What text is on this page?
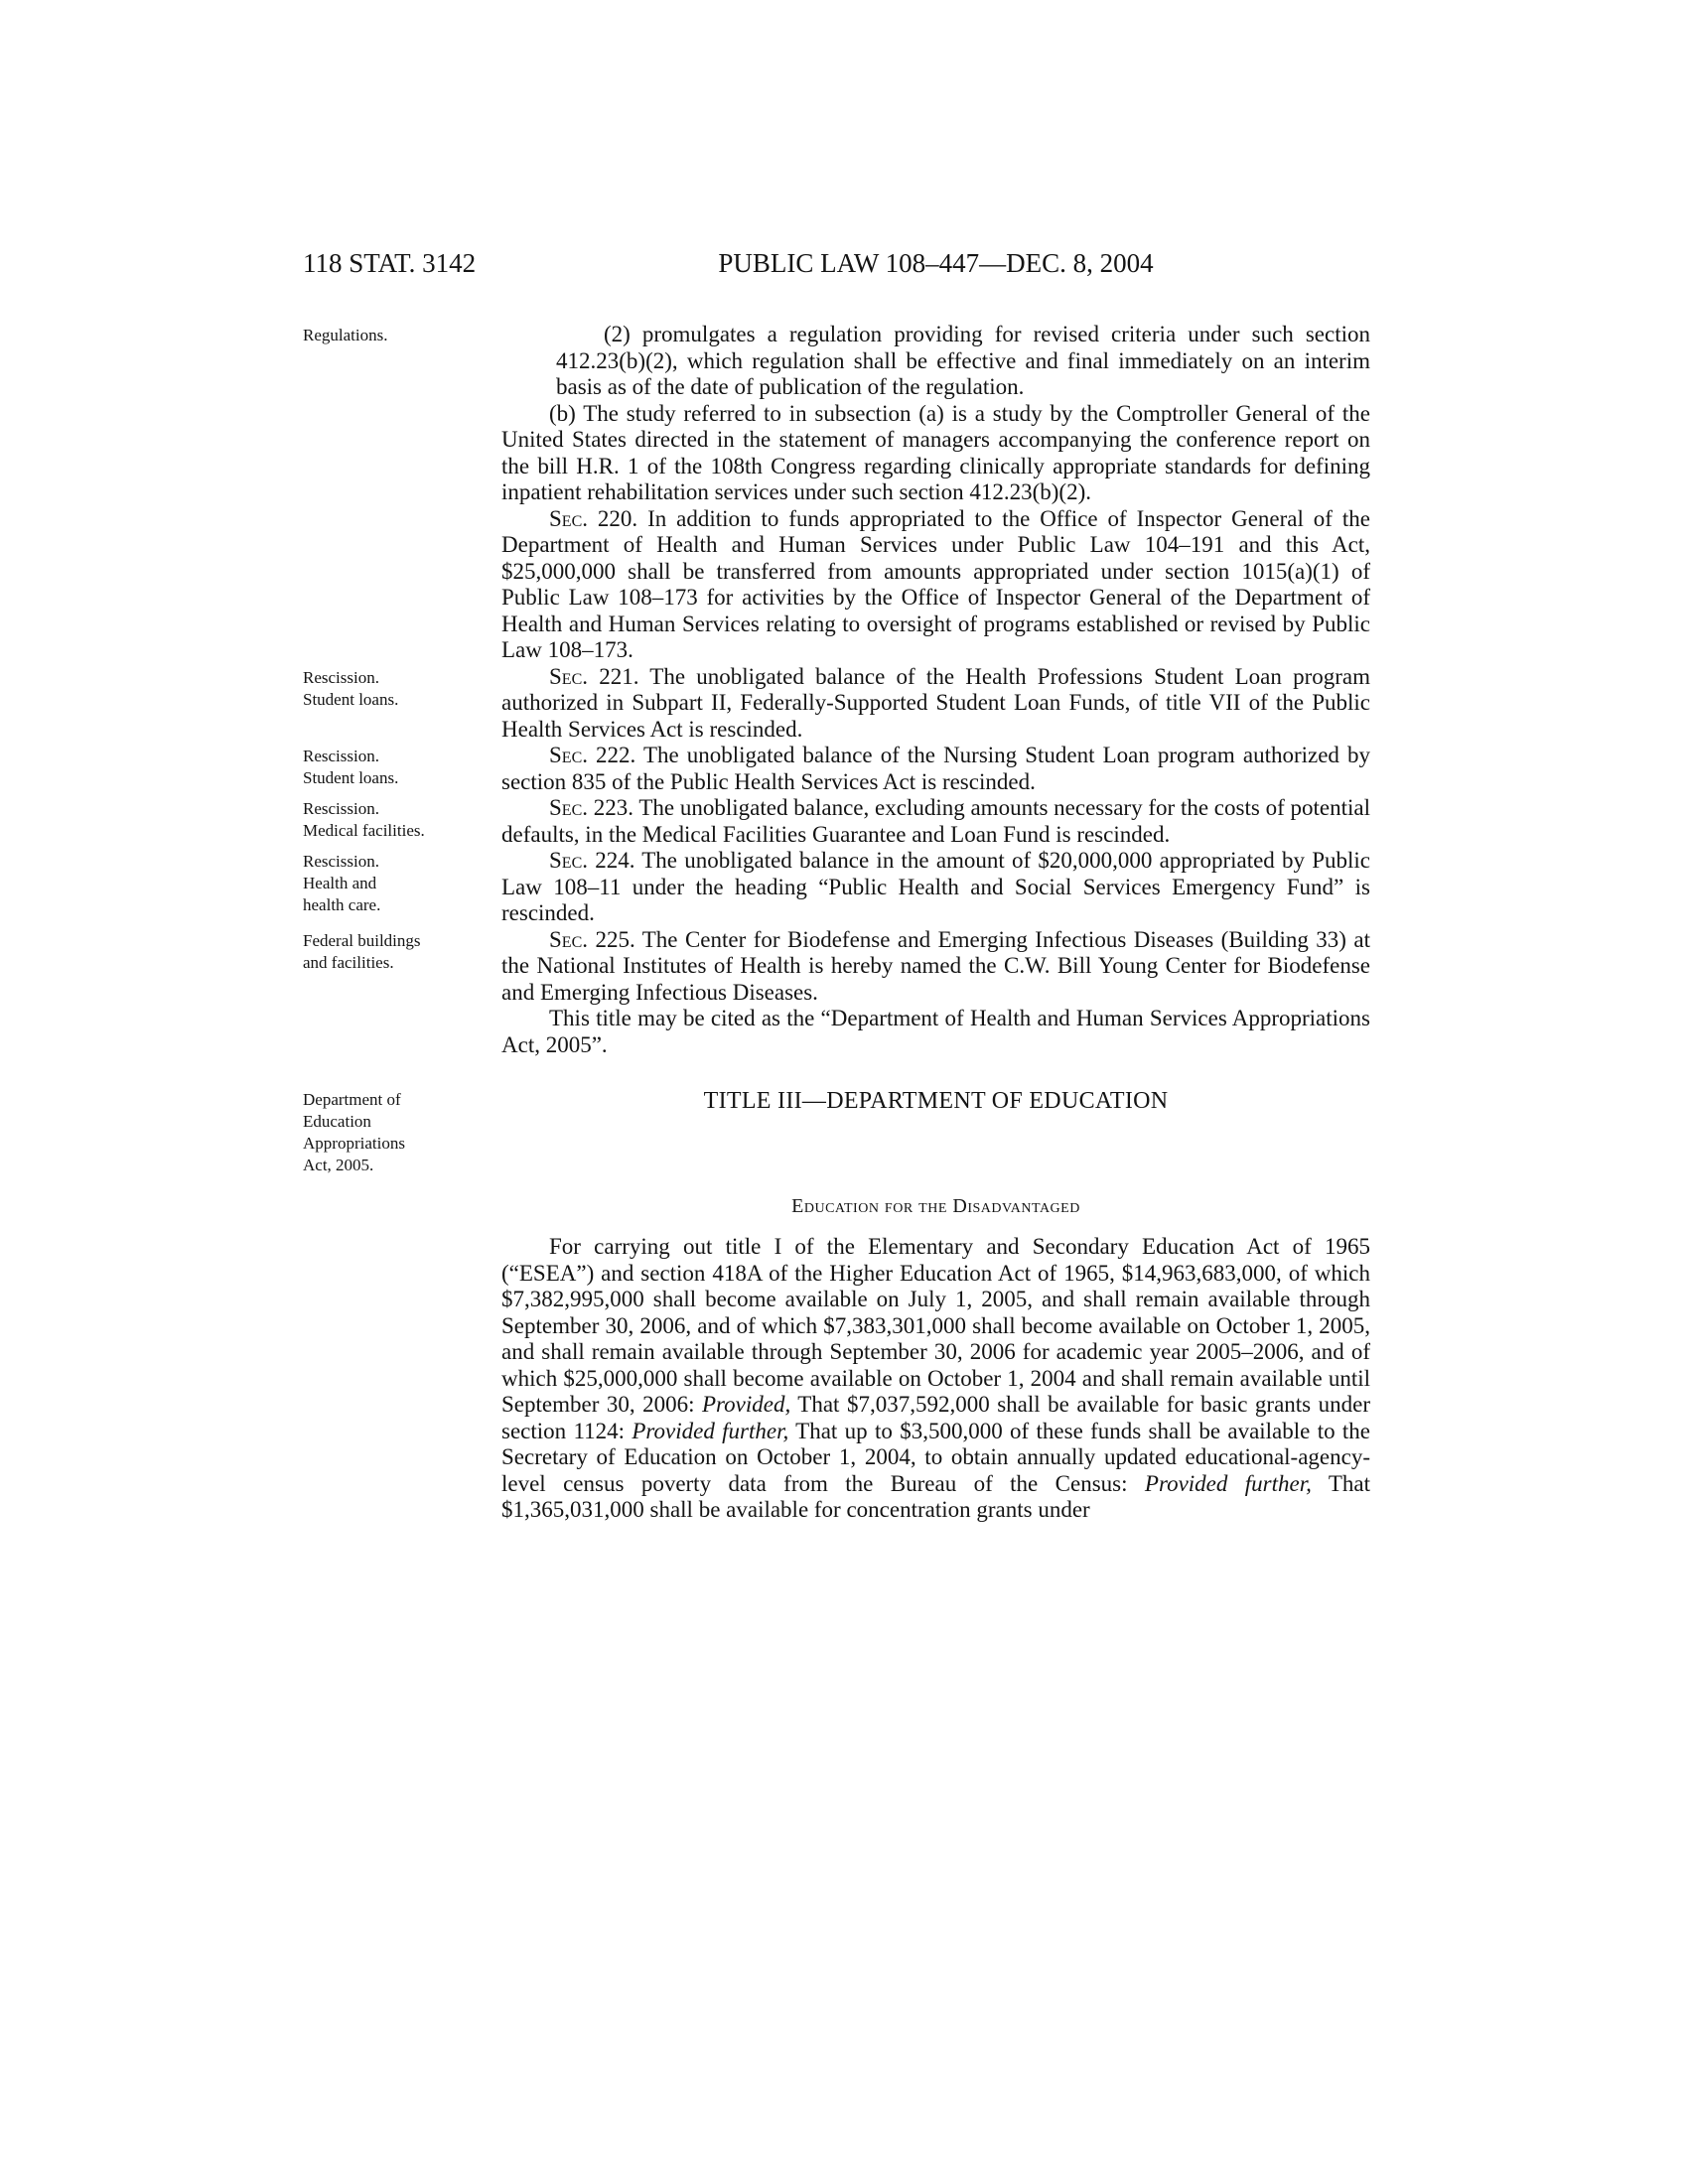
118 STAT. 3142	PUBLIC LAW 108–447—DEC. 8, 2004
Regulations.	(2) promulgates a regulation providing for revised criteria under such section 412.23(b)(2), which regulation shall be effective and final immediately on an interim basis as of the date of publication of the regulation.
(b) The study referred to in subsection (a) is a study by the Comptroller General of the United States directed in the statement of managers accompanying the conference report on the bill H.R. 1 of the 108th Congress regarding clinically appropriate standards for defining inpatient rehabilitation services under such section 412.23(b)(2).
Sec. 220. In addition to funds appropriated to the Office of Inspector General of the Department of Health and Human Services under Public Law 104–191 and this Act, $25,000,000 shall be transferred from amounts appropriated under section 1015(a)(1) of Public Law 108–173 for activities by the Office of Inspector General of the Department of Health and Human Services relating to oversight of programs established or revised by Public Law 108–173.
Rescission.
Student loans.
Sec. 221. The unobligated balance of the Health Professions Student Loan program authorized in Subpart II, Federally-Supported Student Loan Funds, of title VII of the Public Health Services Act is rescinded.
Rescission.
Student loans.
Sec. 222. The unobligated balance of the Nursing Student Loan program authorized by section 835 of the Public Health Services Act is rescinded.
Rescission.
Medical facilities.
Sec. 223. The unobligated balance, excluding amounts necessary for the costs of potential defaults, in the Medical Facilities Guarantee and Loan Fund is rescinded.
Rescission.
Health and
health care.
Sec. 224. The unobligated balance in the amount of $20,000,000 appropriated by Public Law 108–11 under the heading “Public Health and Social Services Emergency Fund” is rescinded.
Federal buildings
and facilities.
Sec. 225. The Center for Biodefense and Emerging Infectious Diseases (Building 33) at the National Institutes of Health is hereby named the C.W. Bill Young Center for Biodefense and Emerging Infectious Diseases.
This title may be cited as the “Department of Health and Human Services Appropriations Act, 2005”.
Department of
Education
Appropriations
Act, 2005.
TITLE III—DEPARTMENT OF EDUCATION
Education for the Disadvantaged
For carrying out title I of the Elementary and Secondary Education Act of 1965 (“ESEA”) and section 418A of the Higher Education Act of 1965, $14,963,683,000, of which $7,382,995,000 shall become available on July 1, 2005, and shall remain available through September 30, 2006, and of which $7,383,301,000 shall become available on October 1, 2005, and shall remain available through September 30, 2006 for academic year 2005–2006, and of which $25,000,000 shall become available on October 1, 2004 and shall remain available until September 30, 2006: Provided, That $7,037,592,000 shall be available for basic grants under section 1124: Provided further, That up to $3,500,000 of these funds shall be available to the Secretary of Education on October 1, 2004, to obtain annually updated educational-agency-level census poverty data from the Bureau of the Census: Provided further, That $1,365,031,000 shall be available for concentration grants under
